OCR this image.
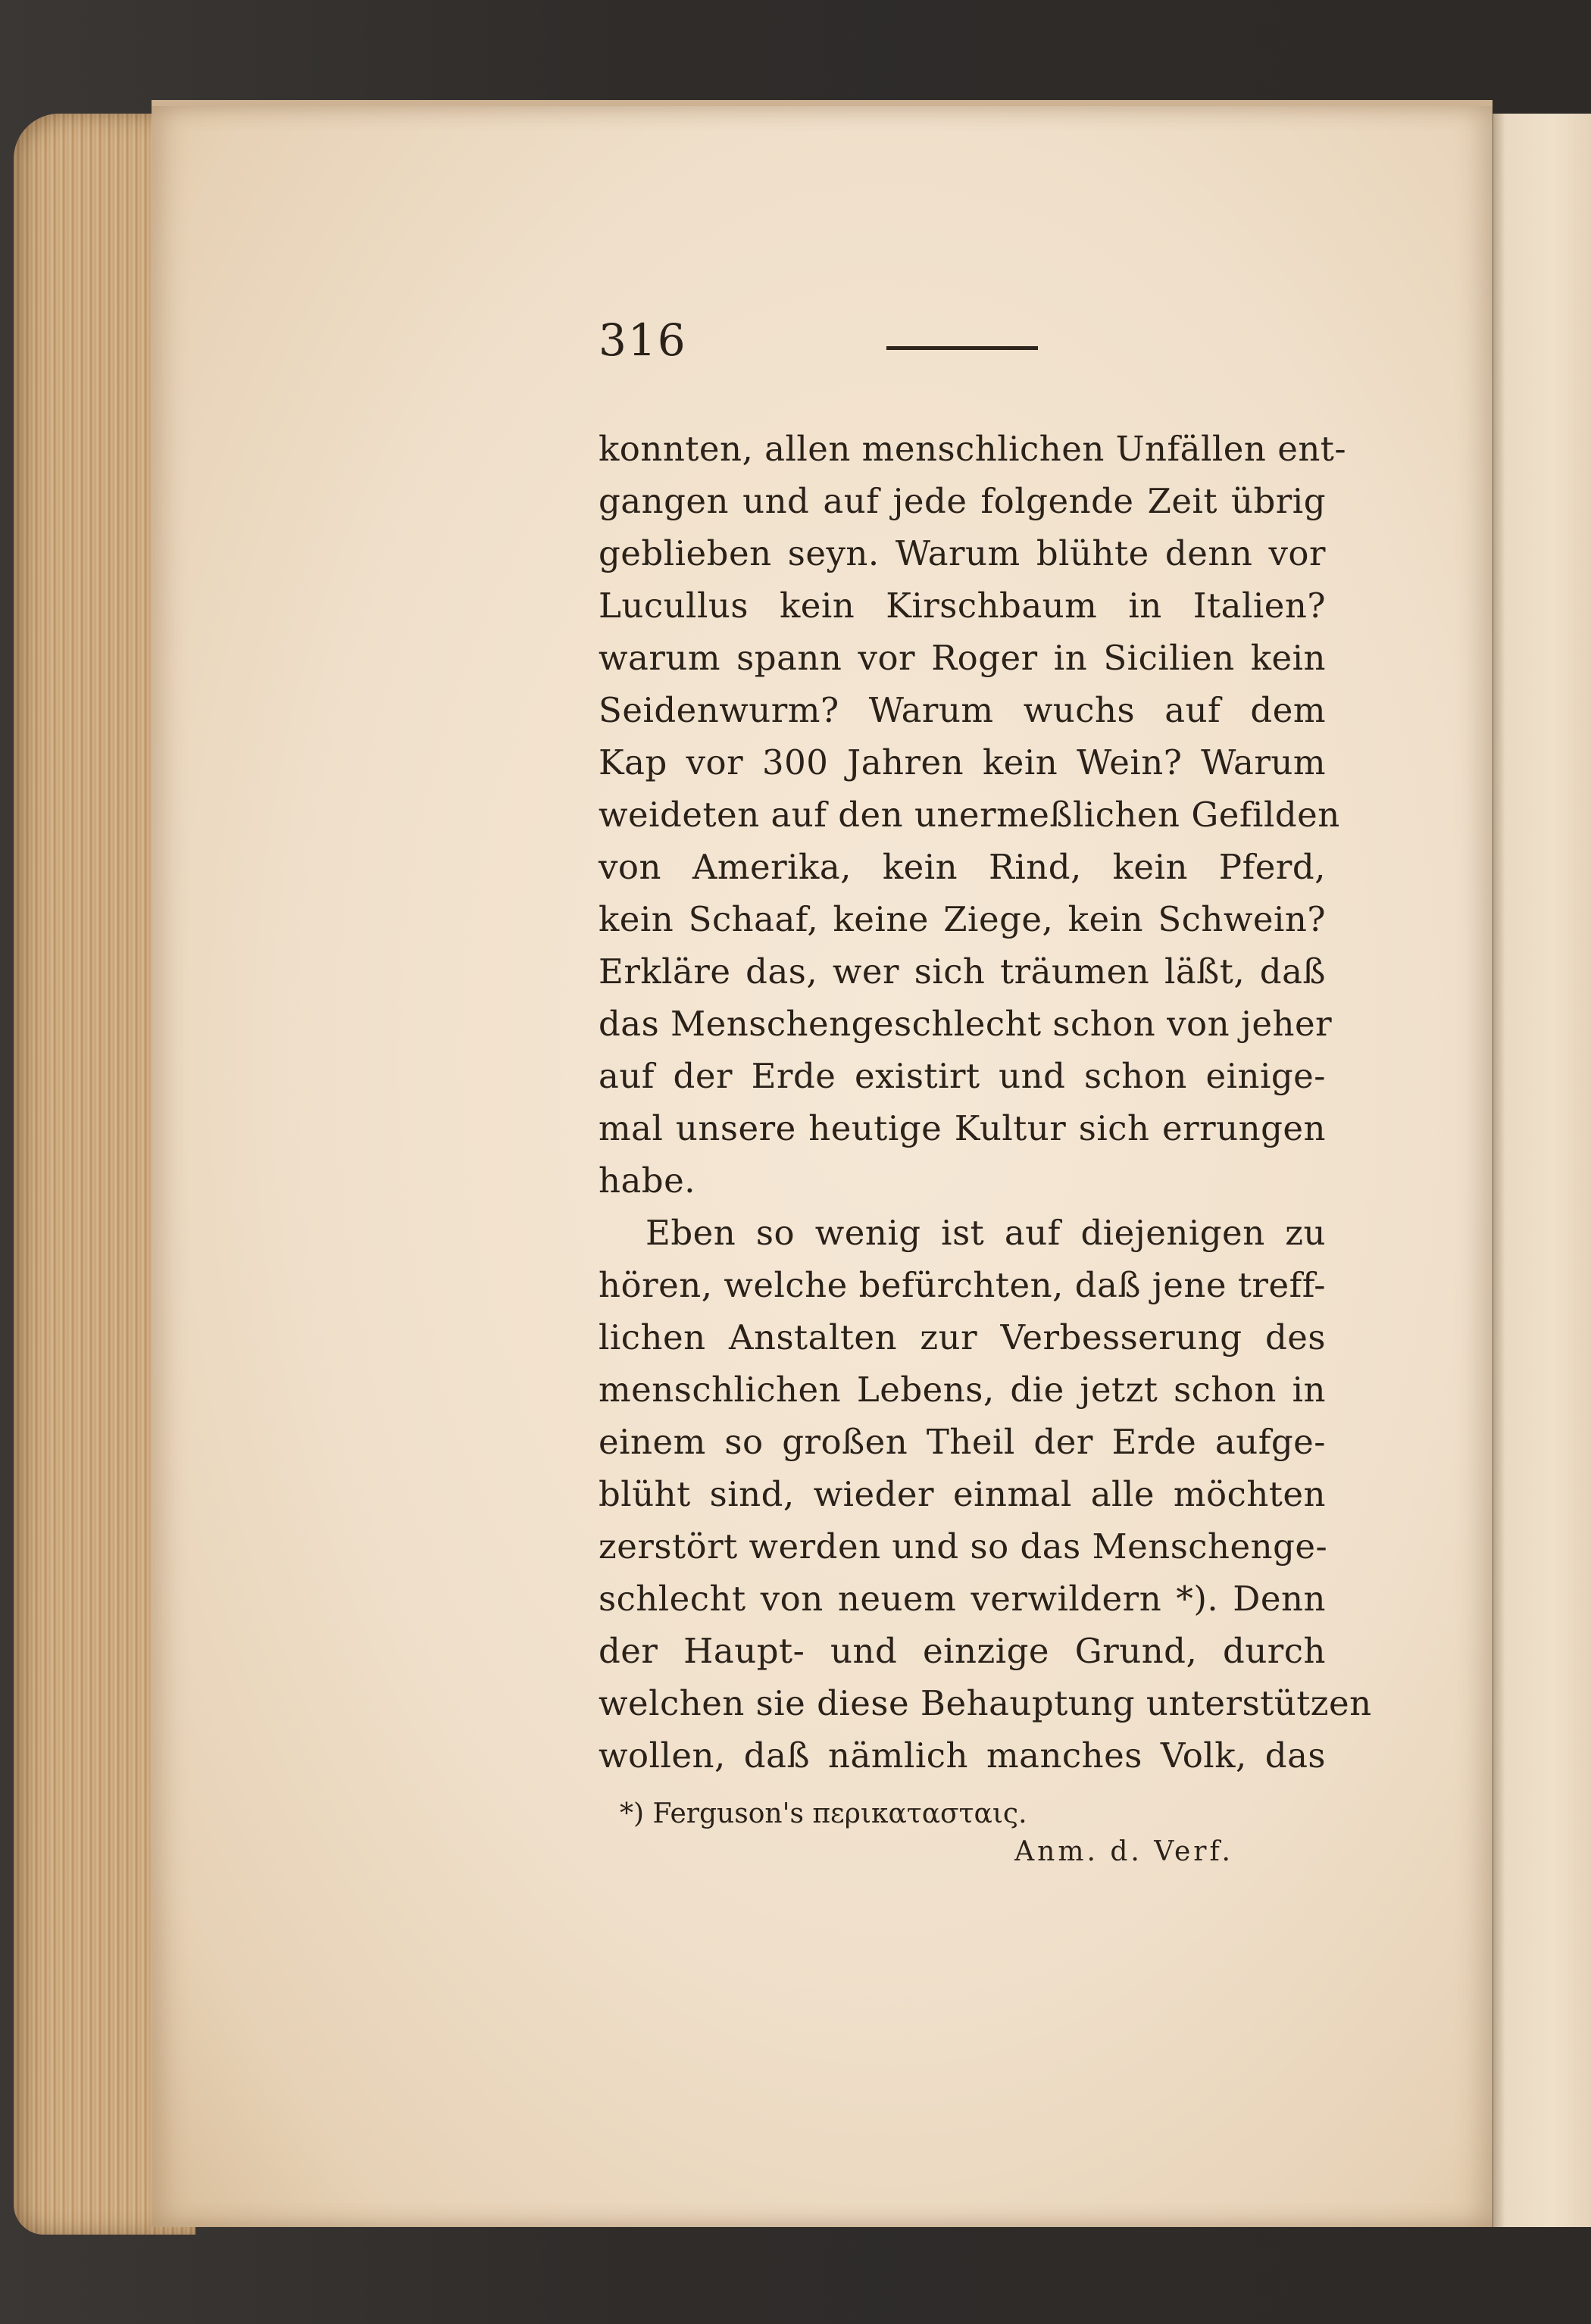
316
konnten, allen menschlichen Unfällen ent-
gangen und auf jede folgende Zeit übrig
geblieben seyn. Warum blühte denn vor
Lucullus kein Kirschbaum in Italien?
warum spann vor Roger in Sicilien kein
Seidenwurm? Warum wuchs auf dem
Kap vor 300 Jahren kein Wein? Warum
weideten auf den unermeßlichen Gefilden
von Amerika, kein Rind, kein Pferd,
kein Schaaf, keine Ziege, kein Schwein?
Erkläre das, wer sich träumen läßt, daß
das Menschengeschlecht schon von jeher
auf der Erde existirt und schon einige-
mal unsere heutige Kultur sich errungen
habe.
Eben so wenig ist auf diejenigen zu
hören, welche befürchten, daß jene treff-
lichen Anstalten zur Verbesserung des
menschlichen Lebens, die jetzt schon in
einem so großen Theil der Erde aufge-
blüht sind, wieder einmal alle möchten
zerstört werden und so das Menschenge-
schlecht von neuem verwildern *). Denn
der Haupt- und einzige Grund, durch
welchen sie diese Behauptung unterstützen
wollen, daß nämlich manches Volk, das
*) Ferguson's περικατασταις.
Anm. d. Verf.
